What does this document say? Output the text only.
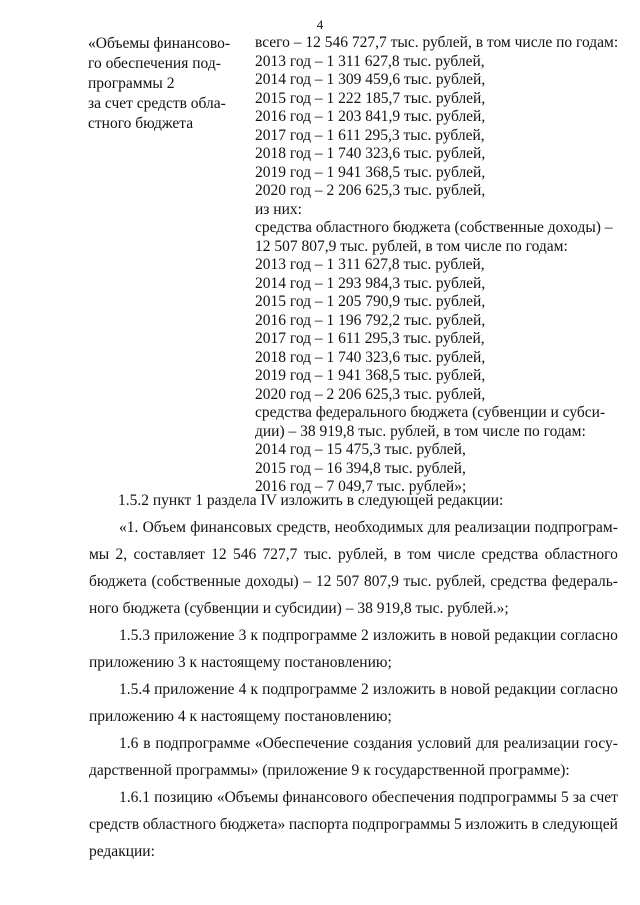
4
«Объемы финансово-
го обеспечения под-
программы 2
за счет средств обла-
стного бюджета
всего – 12 546 727,7 тыс. рублей, в том числе по годам:
2013 год – 1 311 627,8 тыс. рублей,
2014 год – 1 309 459,6 тыс. рублей,
2015 год – 1 222 185,7 тыс. рублей,
2016 год – 1 203 841,9 тыс. рублей,
2017 год – 1 611 295,3 тыс. рублей,
2018 год – 1 740 323,6 тыс. рублей,
2019 год – 1 941 368,5 тыс. рублей,
2020 год – 2 206 625,3 тыс. рублей,
из них:
средства областного бюджета (собственные доходы) –
12 507 807,9 тыс. рублей, в том числе по годам:
2013 год – 1 311 627,8 тыс. рублей,
2014 год – 1 293 984,3 тыс. рублей,
2015 год – 1 205 790,9 тыс. рублей,
2016 год – 1 196 792,2 тыс. рублей,
2017 год – 1 611 295,3 тыс. рублей,
2018 год – 1 740 323,6 тыс. рублей,
2019 год – 1 941 368,5 тыс. рублей,
2020 год – 2 206 625,3 тыс. рублей,
средства федерального бюджета (субвенции и субси-
дии) – 38 919,8 тыс. рублей, в том числе по годам:
2014 год – 15 475,3 тыс. рублей,
2015 год – 16 394,8 тыс. рублей,
2016 год – 7 049,7 тыс. рублей»;
1.5.2 пункт 1 раздела IV изложить в следующей редакции:
«1. Объем финансовых средств, необходимых для реализации подпрограм-
мы 2, составляет 12 546 727,7 тыс. рублей, в том числе средства областного
бюджета (собственные доходы) – 12 507 807,9 тыс. рублей, средства федераль-
ного бюджета (субвенции и субсидии) – 38 919,8 тыс. рублей.»;
1.5.3 приложение 3 к подпрограмме 2 изложить в новой редакции согласно
приложению 3 к настоящему постановлению;
1.5.4 приложение 4 к подпрограмме 2 изложить в новой редакции согласно
приложению 4 к настоящему постановлению;
1.6 в подпрограмме «Обеспечение создания условий для реализации госу-
дарственной программы» (приложение 9 к государственной программе):
1.6.1 позицию «Объемы финансового обеспечения подпрограммы 5 за счет
средств областного бюджета» паспорта подпрограммы 5 изложить в следующей
редакции:
